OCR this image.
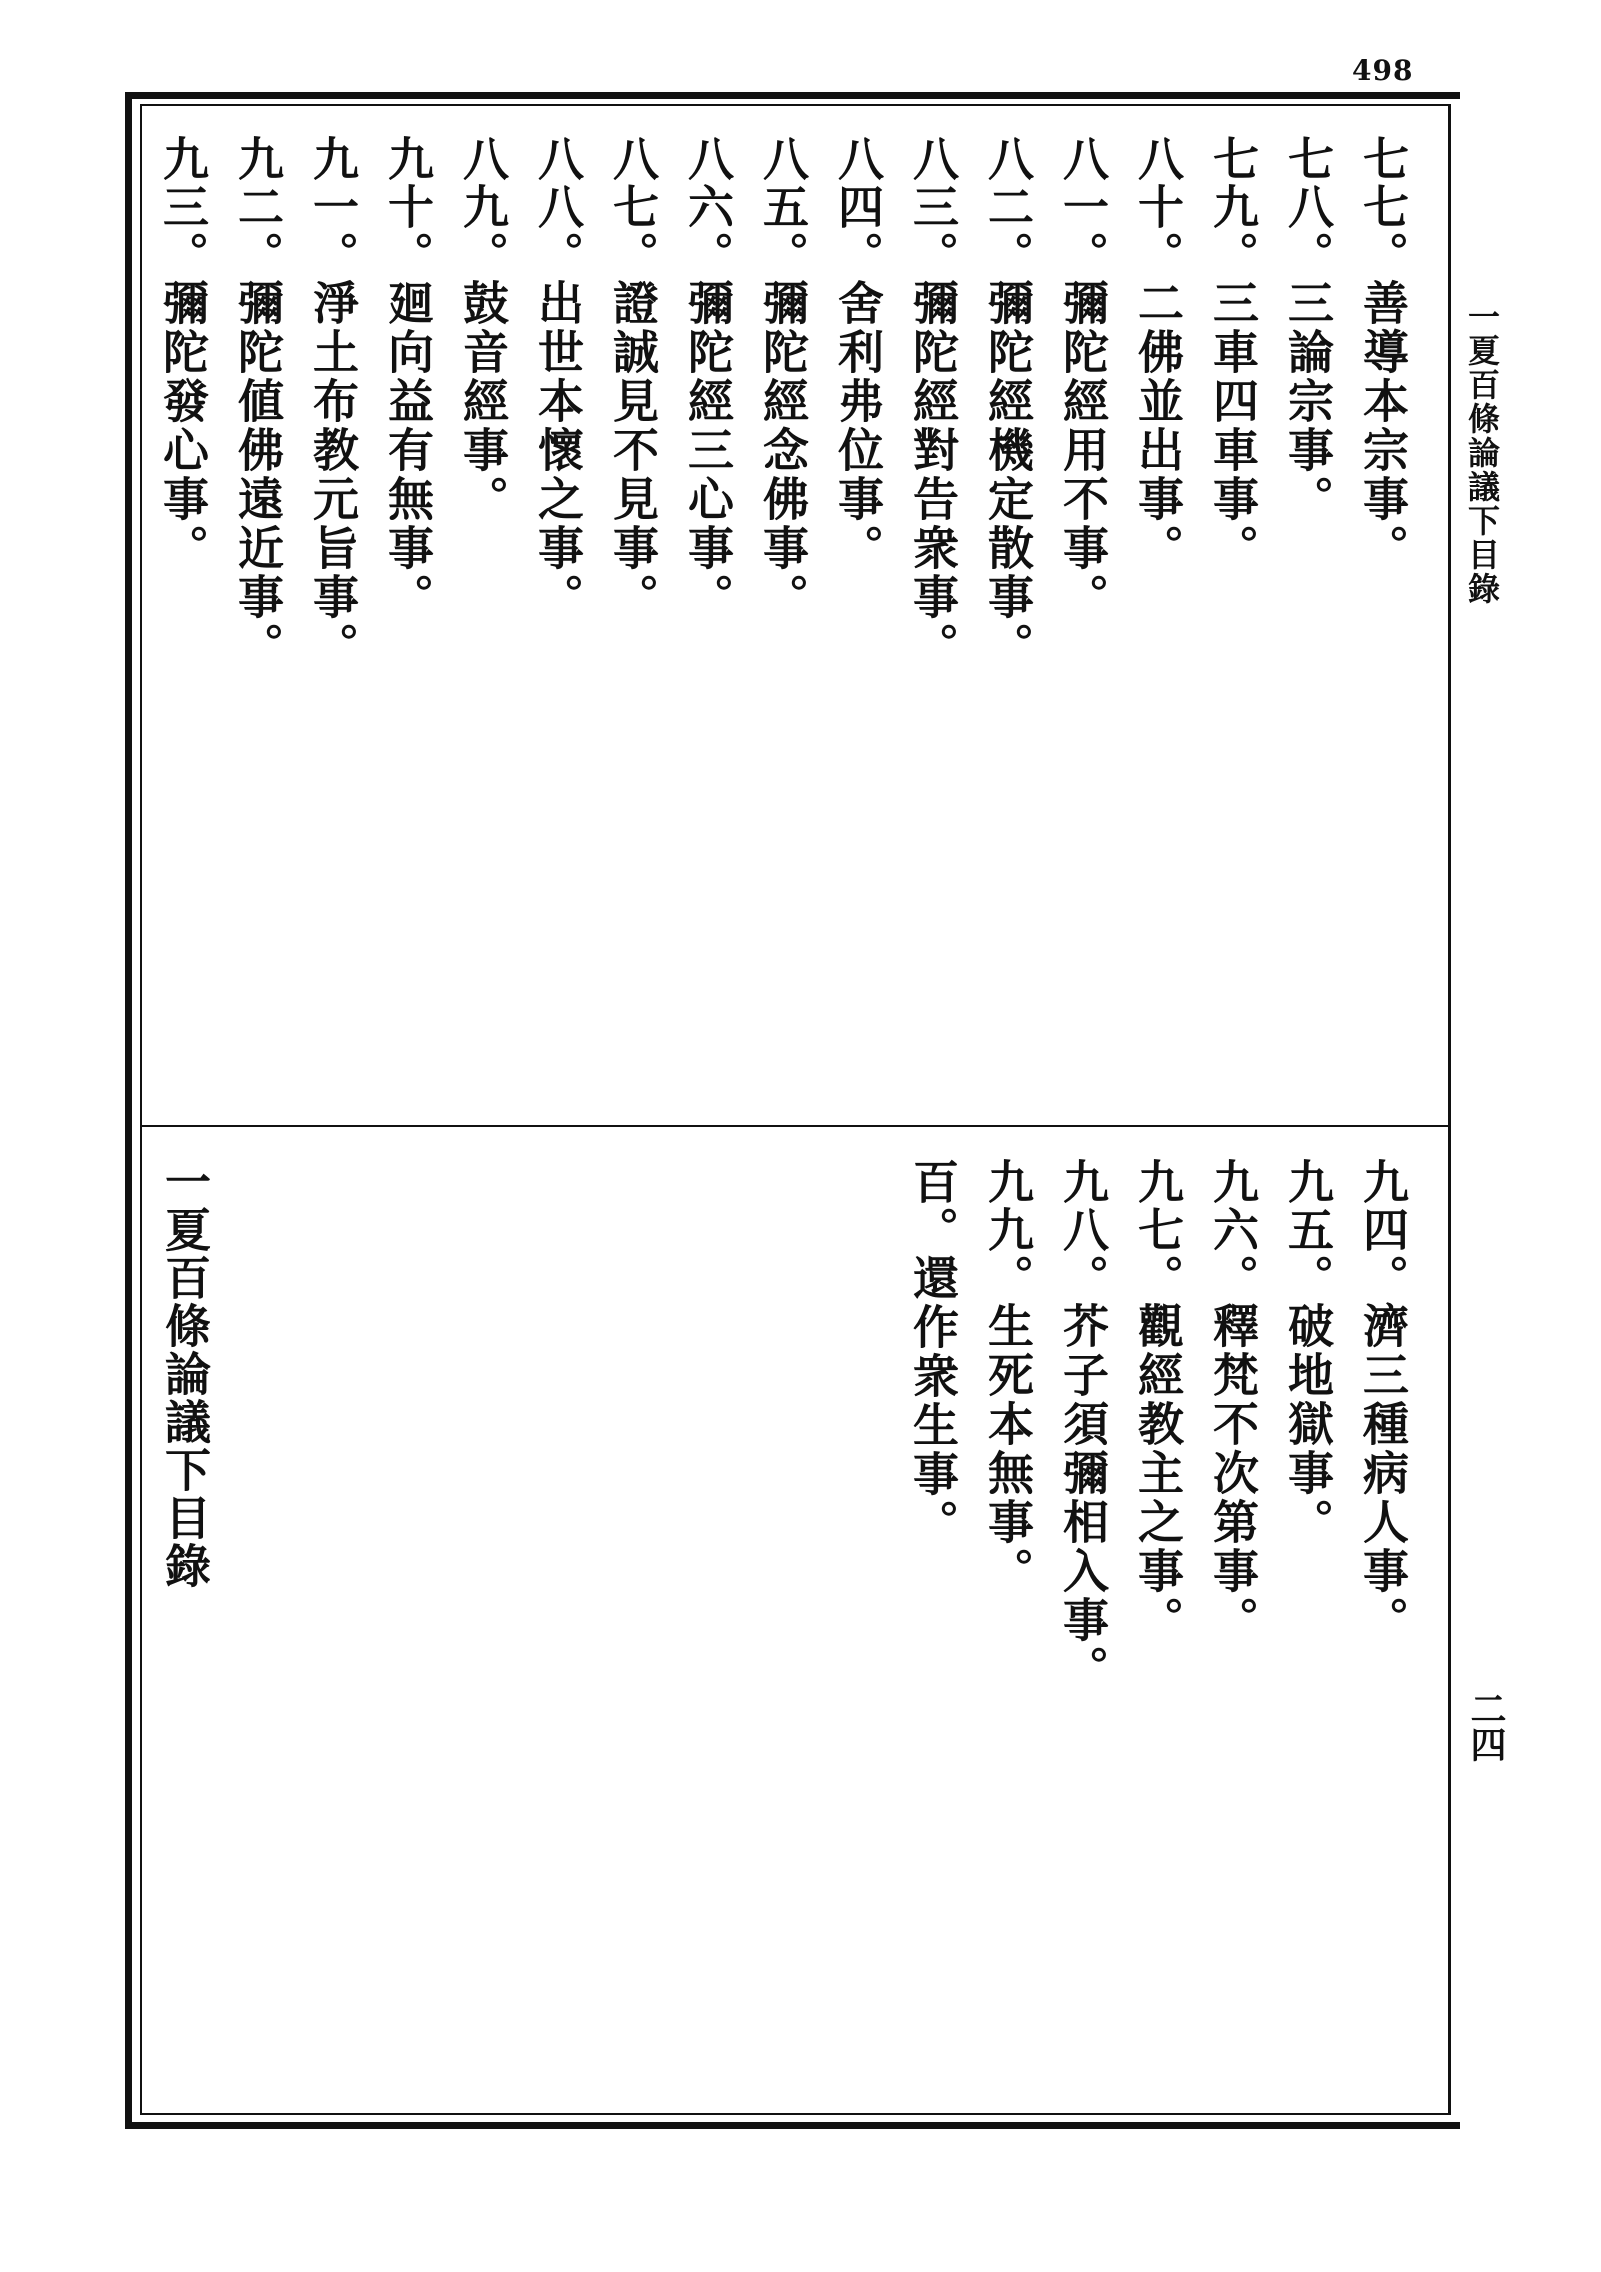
498
一夏百條論議下目錄
二四
七七。善導本宗事。
七八。三論宗事。
七九。三車四車事。
八十。二佛並出事。
八一。彌陀經用不事。
八二。彌陀經機定散事。
八三。彌陀經對告衆事。
八四。舍利弗位事。
八五。彌陀經念佛事。
八六。彌陀經三心事。
八七。證誠見不見事。
八八。出世本懷之事。
八九。鼓音經事。
九十。廻向益有無事。
九一。淨土布教元旨事。
九二。彌陀値佛遠近事。
九三。彌陀發心事。
九四。濟三種病人事。
九五。破地獄事。
九六。釋梵不次第事。
九七。觀經教主之事。
九八。芥子須彌相入事。
九九。生死本無事。
百。還作衆生事。
一夏百條論議下目錄
